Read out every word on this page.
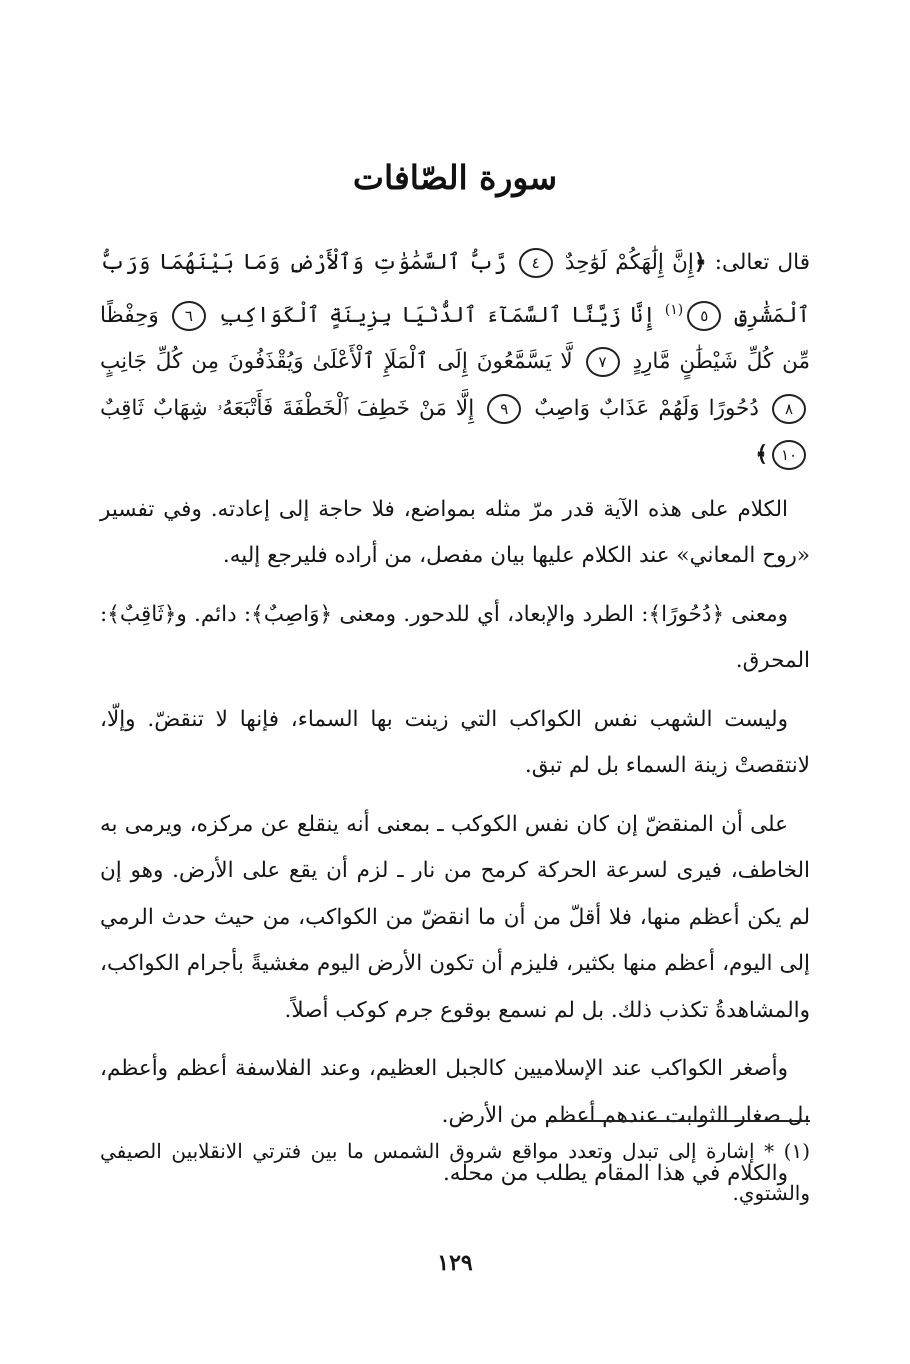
سورة الصّافات

قال تعالى: ﴿إِنَّ إِلَٰهَكُمْ لَوَٰحِدٌ ٤ رَّبُّ ٱلسَّمَٰوَٰتِ وَٱلْأَرْضِ وَمَا بَيْنَهُمَا وَرَبُّ ٱلْمَشَٰرِقِ ٥$^{(١)}$ إِنَّا زَيَّنَّا ٱلسَّمَآءَ ٱلدُّنْيَا بِزِينَةٍ ٱلْكَوَاكِبِ ٦ وَحِفْظًا مِّن كُلِّ شَيْطَٰنٍ مَّارِدٍ ٧ لَّا يَسَّمَّعُونَ إِلَى ٱلْمَلَإِ ٱلْأَعْلَىٰ وَيُقْذَفُونَ مِن كُلِّ جَانِبٍ ٨ دُحُورًا وَلَهُمْ عَذَابٌ وَاصِبٌ ٩ إِلَّا مَنْ خَطِفَ ٱلْخَطْفَةَ فَأَتْبَعَهُۥ شِهَابٌ ثَاقِبٌ ١٠﴾

الكلام على هذه الآية قدر مرّ مثله بمواضع، فلا حاجة إلى إعادته. وفي تفسير «روح المعاني» عند الكلام عليها بيان مفصل، من أراده فليرجع إليه.

ومعنى ﴿دُحُورًا﴾: الطرد والإبعاد، أي للدحور. ومعنى ﴿وَاصِبٌ﴾: دائم. و﴿ثَاقِبٌ﴾: المحرق.

وليست الشهب نفس الكواكب التي زينت بها السماء، فإنها لا تنقضّ. وإلّا، لانتقصتْ زينة السماء بل لم تبق.

على أن المنقضّ إن كان نفس الكوكب ـ بمعنى أنه ينقلع عن مركزه، ويرمى به الخاطف، فيرى لسرعة الحركة كرمح من نار ـ لزم أن يقع على الأرض. وهو إن لم يكن أعظم منها، فلا أقلّ من أن ما انقضّ من الكواكب، من حيث حدث الرمي إلى اليوم، أعظم منها بكثير، فليزم أن تكون الأرض اليوم مغشيةً بأجرام الكواكب، والمشاهدةُ تكذب ذلك. بل لم نسمع بوقوع جرم كوكب أصلاً.

وأصغر الكواكب عند الإسلاميين كالجبل العظيم، وعند الفلاسفة أعظم وأعظم، بل صغار الثوابت عندهم أعظم من الأرض.

والكلام في هذا المقام يطلب من محله.

(١) * إشارة إلى تبدل وتعدد مواقع شروق الشمس ما بين فترتي الانقلابين الصيفي والشتوي.
١٢٩
